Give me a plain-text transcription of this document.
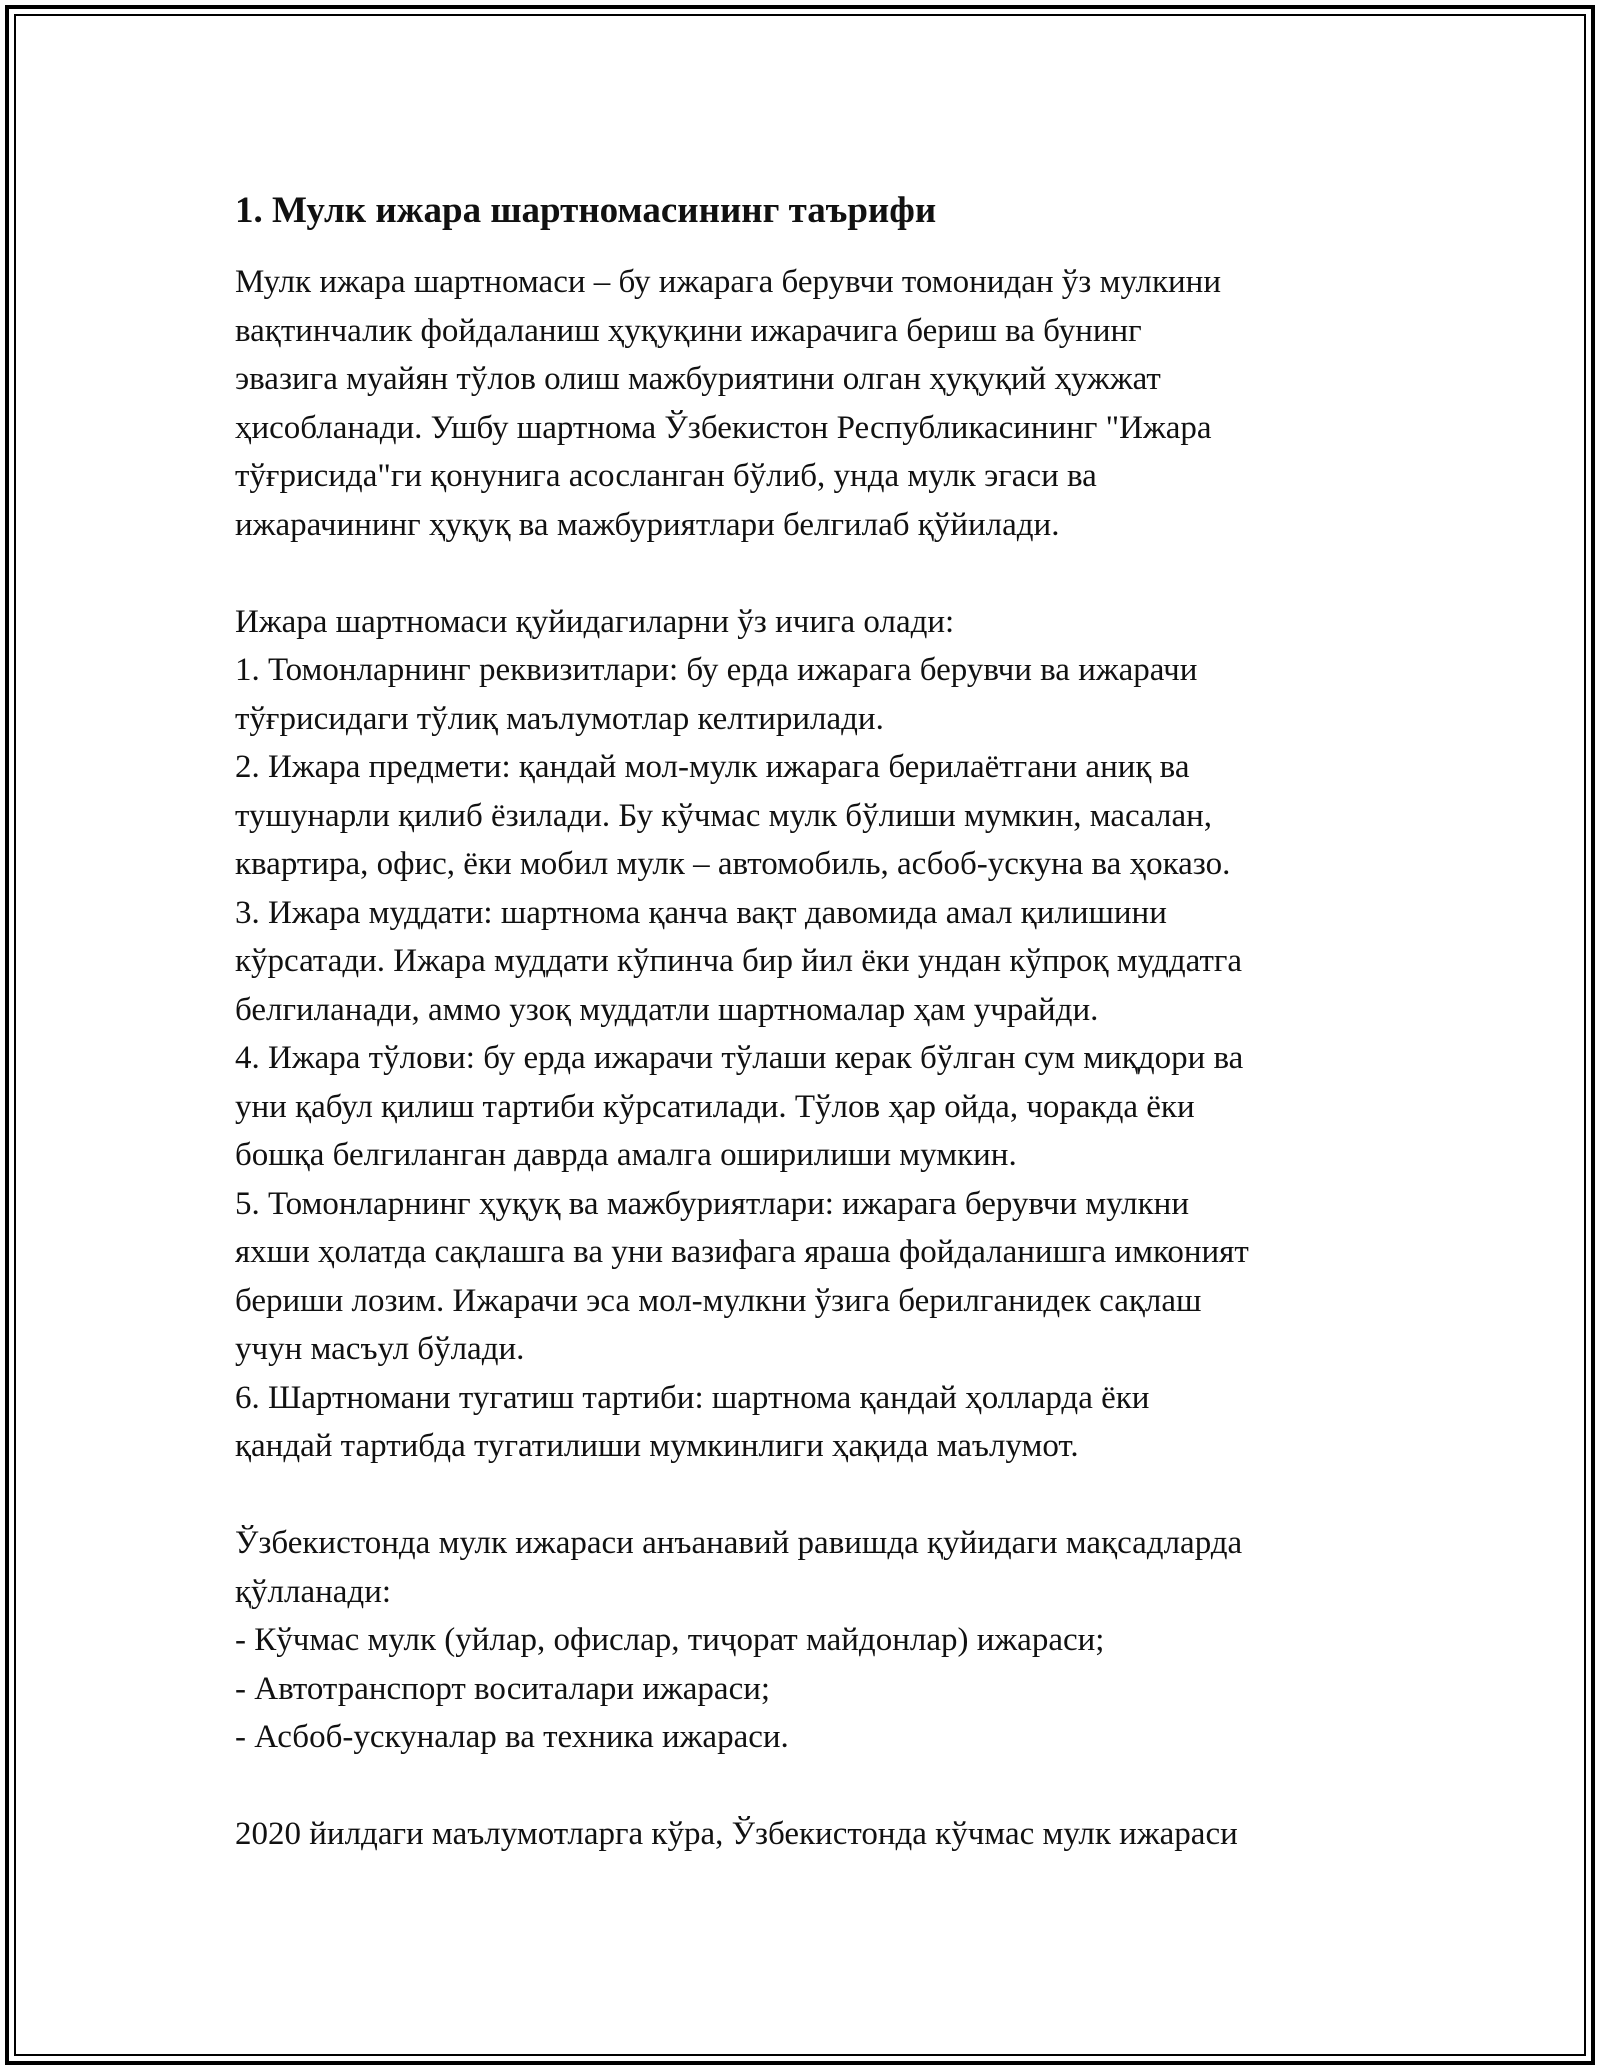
1. Мулк ижара шартномасининг таърифи

Мулк ижара шартномаси – бу ижарага берувчи томонидан ўз мулкини
вақтинчалик фойдаланиш ҳуқуқини ижарачига бериш ва бунинг
эвазига муайян тўлов олиш мажбуриятини олган ҳуқуқий ҳужжат
ҳисобланади. Ушбу шартнома Ўзбекистон Республикасининг "Ижара
тўғрисида"ги қонунига асосланган бўлиб, унда мулк эгаси ва
ижарачининг ҳуқуқ ва мажбуриятлари белгилаб қўйилади.

Ижара шартномаси қуйидагиларни ўз ичига олади:
1. Томонларнинг реквизитлари: бу ерда ижарага берувчи ва ижарачи
тўғрисидаги тўлиқ маълумотлар келтирилади.
2. Ижара предмети: қандай мол-мулк ижарага берилаётгани аниқ ва
тушунарли қилиб ёзилади. Бу кўчмас мулк бўлиши мумкин, масалан,
квартира, офис, ёки мобил мулк – автомобиль, асбоб-ускуна ва ҳоказо.
3. Ижара муддати: шартнома қанча вақт давомида амал қилишини
кўрсатади. Ижара муддати кўпинча бир йил ёки ундан кўпроқ муддатга
белгиланади, аммо узоқ муддатли шартномалар ҳам учрайди.
4. Ижара тўлови: бу ерда ижарачи тўлаши керак бўлган сум миқдори ва
уни қабул қилиш тартиби кўрсатилади. Тўлов ҳар ойда, чоракда ёки
бошқа белгиланган даврда амалга оширилиши мумкин.
5. Томонларнинг ҳуқуқ ва мажбуриятлари: ижарага берувчи мулкни
яхши ҳолатда сақлашга ва уни вазифага яраша фойдаланишга имконият
бериши лозим. Ижарачи эса мол-мулкни ўзига берилганидек сақлаш
учун масъул бўлади.
6. Шартномани тугатиш тартиби: шартнома қандай ҳолларда ёки
қандай тартибда тугатилиши мумкинлиги ҳақида маълумот.

Ўзбекистонда мулк ижараси анъанавий равишда қуйидаги мақсадларда
қўлланади:
- Кўчмас мулк (уйлар, офислар, тиҷорат майдонлар) ижараси;
- Автотранспорт воситалари ижараси;
- Асбоб-ускуналар ва техника ижараси.

2020 йилдаги маълумотларга кўра, Ўзбекистонда кўчмас мулк ижараси
